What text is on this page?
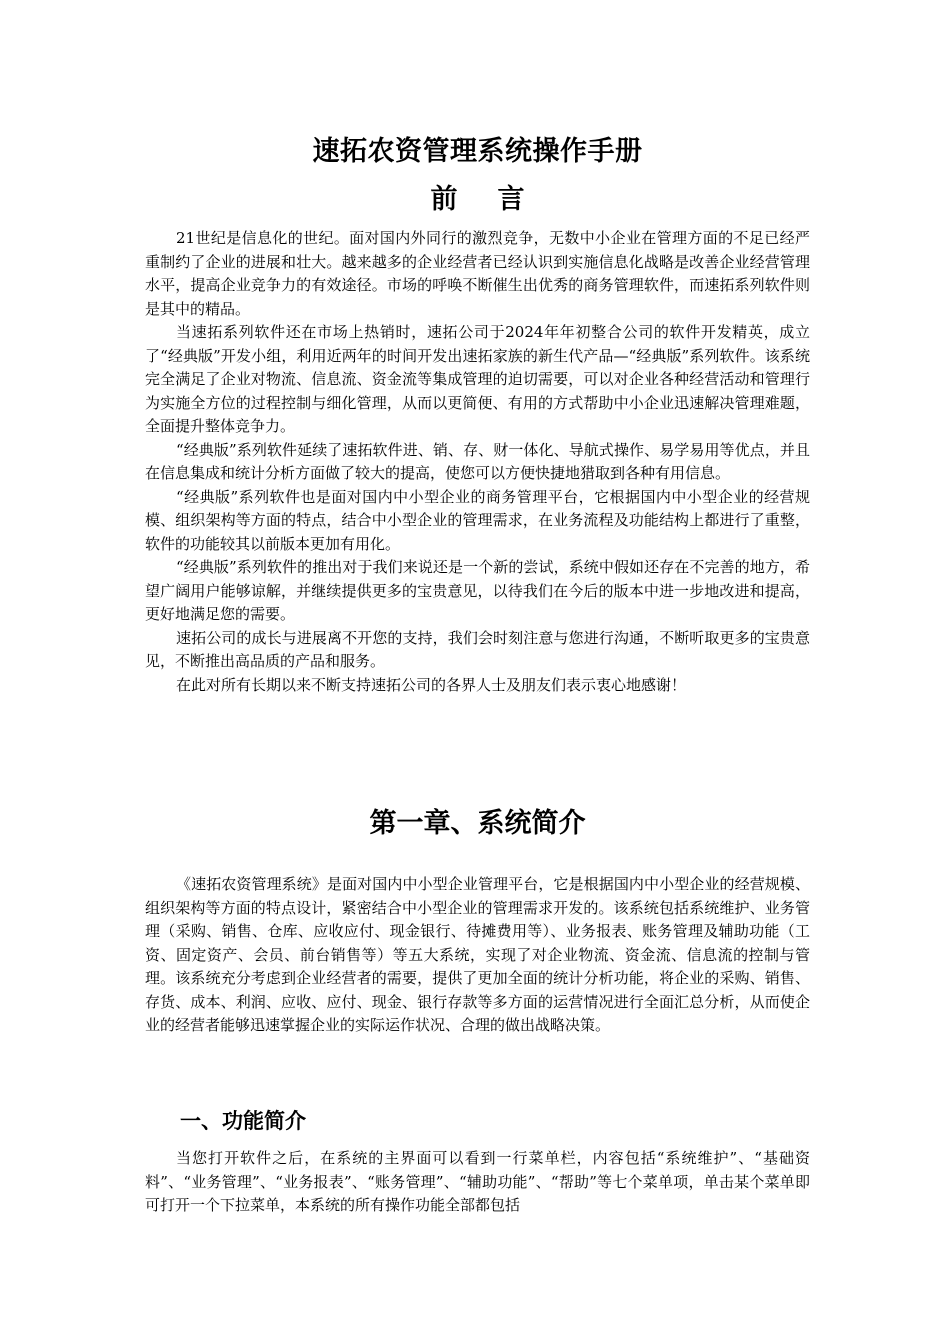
速拓农资管理系统操作手册
前 言

21世纪是信息化的世纪。面对国内外同行的激烈竞争，无数中小企业在管理方面的不足已经严重制约了企业的进展和壮大。越来越多的企业经营者已经认识到实施信息化战略是改善企业经营管理水平，提高企业竞争力的有效途径。市场的呼唤不断催生出优秀的商务管理软件，而速拓系列软件则是其中的精品。

当速拓系列软件还在市场上热销时，速拓公司于2024年年初整合公司的软件开发精英，成立了“经典版”开发小组，利用近两年的时间开发出速拓家族的新生代产品—“经典版”系列软件。该系统完全满足了企业对物流、信息流、资金流等集成管理的迫切需要，可以对企业各种经营活动和管理行为实施全方位的过程控制与细化管理，从而以更简便、有用的方式帮助中小企业迅速解决管理难题，全面提升整体竞争力。

“经典版”系列软件延续了速拓软件进、销、存、财一体化、导航式操作、易学易用等优点，并且在信息集成和统计分析方面做了较大的提高，使您可以方便快捷地猎取到各种有用信息。

“经典版”系列软件也是面对国内中小型企业的商务管理平台，它根据国内中小型企业的经营规模、组织架构等方面的特点，结合中小型企业的管理需求，在业务流程及功能结构上都进行了重整，软件的功能较其以前版本更加有用化。

“经典版”系列软件的推出对于我们来说还是一个新的尝试，系统中假如还存在不完善的地方，希望广阔用户能够谅解，并继续提供更多的宝贵意见，以待我们在今后的版本中进一步地改进和提高，更好地满足您的需要。

速拓公司的成长与进展离不开您的支持，我们会时刻注意与您进行沟通，不断听取更多的宝贵意见，不断推出高品质的产品和服务。

在此对所有长期以来不断支持速拓公司的各界人士及朋友们表示衷心地感谢！

第一章、系统简介

《速拓农资管理系统》是面对国内中小型企业管理平台，它是根据国内中小型企业的经营规模、组织架构等方面的特点设计，紧密结合中小型企业的管理需求开发的。该系统包括系统维护、业务管理（采购、销售、仓库、应收应付、现金银行、待摊费用等）、业务报表、账务管理及辅助功能（工资、固定资产、会员、前台销售等）等五大系统，实现了对企业物流、资金流、信息流的控制与管理。该系统充分考虑到企业经营者的需要，提供了更加全面的统计分析功能，将企业的采购、销售、存货、成本、利润、应收、应付、现金、银行存款等多方面的运营情况进行全面汇总分析，从而使企业的经营者能够迅速掌握企业的实际运作状况、合理的做出战略决策。

一、功能简介

当您打开软件之后，在系统的主界面可以看到一行菜单栏，内容包括“系统维护”、“基础资料”、“业务管理”、“业务报表”、“账务管理”、“辅助功能”、“帮助”等七个菜单项，单击某个菜单即可打开一个下拉菜单，本系统的所有操作功能全部都包括
